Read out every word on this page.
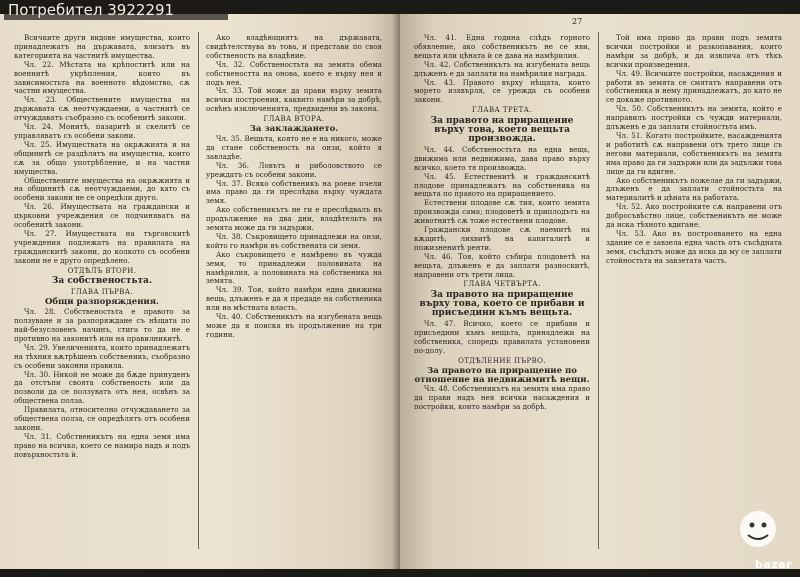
Всичките други видове имущества, които принадлежатъ на държавата, влизатъ въ категорията на частнитѣ имущества.
Чл. 22. Мѣстата на крѣпоститѣ или на военнитѣ укрѣпления, които въ зависимостьта на военното вѣдомство, сѫ частни имущества.
Чл. 23. Обществените имущества на държавата сѫ неотчуждаеми, а частнитѣ се отчуждаватъ съобразно съ особенитѣ закони.
Чл. 24. Монитѣ, пазаритѣ и скелитѣ се управляватъ съ особени закони.
Чл. 25. Имуществата на окрѫжията и на общинитѣ се раздѣлятъ на имущества, които сѫ за общо употрѣбление, и на частни имущества.
Обществените имущества на окрѫжията и на общинитѣ сѫ неотчуждаеми, до като съ особени закони не се опредѣли друго.
Чл. 26. Имуществата на граждански и църковни учреждения се подчиняватъ на особенитѣ закони.
Чл. 27. Имуществата на търговскитѣ учреждения подлежатъ на правилата на гражданскитѣ закони, до колкото съ особени закони не е друго опредѣлено.
ОТДѢЛЪ ВТОРИ.
За собственостьта.
ГЛАВА ПЪРВА.
Общи разпоряждения.
Чл. 28. Собственостьта е правото за ползуване и за разпоряждане съ нѣщата по най-безусловенъ начинъ, стига то да не е противно на законитѣ или на правилникитѣ.
Чл. 29. Увеличенията, които принадлежатъ на тѣхния вѫтрѣшенъ собственикъ, съобразно съ особени законни правила.
Чл. 30. Никой не може да бѫде принуденъ да отстъпи своята собственость или да позволи да се ползуватъ отъ нея, освѣнъ за обществена полза.
Правилата, относително отчуждаването за обществена полза, се опредѣлятъ отъ особени закони.
Чл. 31. Собственикътъ на една земя има право на всичко, което се намира надъ и подъ повърхностьта ѝ.
Ако владѣющиятъ на държавата, свидѣтелствува въ това, и представи по своя собственость на владѣние.
Чл. 32. Собственостьта на земята обема собствеността на онова, което е върху нея и подъ нея.
Чл. 33. Той може да прави върху земята всички построения, каквито намѣри за добрѣ, освѣнъ изключенията, предвидени въ закона.
ГЛАВА ВТОРА.
За заклаждането.
Чл. 35. Вещьта, която не е на никого, може да стане собственость на онзи, който я завладѣе.
Чл. 36. Ловътъ и риболовството се уреждатъ съ особени закони.
Чл. 37. Всяко собственикъ на роеве пчели има право да ги преслѣдва върху чуждата земя.
Ако собственикътъ не ги е преслѣдвалъ въ продължение на два дни, владѣтельтъ на земята може да ги задържи.
Чл. 38. Съкровището принадлежи на онзи, който го намѣри въ собствената си земя.
Ако съкровището е намѣрено въ чужда земя, то принадлежи половината на намѣрилия, а половината на собственика на земята.
Чл. 39. Тоя, който намѣри една движима вещь, длъженъ е да я предаде на собственика или на мѣстната власть.
Чл. 40. Собственикътъ на изгубената вещь може да я поиска въ продължение на три години.
27
Чл. 41. Една година слѣдъ горното обявление, ако собственикътъ не се яви, вещьта или цѣната ѝ се дава на намѣрилия.
Чл. 42. Собственикътъ на изгубената вещь длъженъ е да заплати на намѣрилия награда.
Чл. 43. Правото върху нѣщата, които морето изхвърля, се урежда съ особени закони.
ГЛАВА ТРЕТА.
За правото на приращение върху това, което вещьта произвожда.
Чл. 44. Собственостьта на една вещь, движима или недвижима, дава право върху всичко, което тя произвожда.
Чл. 45. Естественитѣ и гражданскитѣ плодове принадлежатъ на собственика на вещьта по правото на приращението.
Естествени плодове сѫ тия, които земята произвожда сама; плодоветѣ и приплодътъ на животнитѣ сѫ тоже естествени плодове.
Граждански плодове сѫ наемитѣ на кѫщитѣ, лихвитѣ на капиталитѣ и пожизненитѣ ренти.
Чл. 46. Тоя, който събира плодоветѣ на вещьта, длъженъ е да заплати разноскитѣ, направени отъ трети лица.
ГЛАВА ЧЕТВЪРТА.
За правото на приращение върху това, което се прибави и присъедини къмъ вещьта.
Чл. 47. Всичко, което се прибави и присъедини къмъ вещьта, принадлежи на собственика, споредъ правилата установени по-долу.
ОТДѢЛЕНИЕ ПЪРВО.
За правото на приращение по отношение на недвижимитѣ вещи.
Чл. 48. Собственикътъ на земята има право да прави надъ нея всички насаждения и постройки, които намѣри за добрѣ.
Той има право да прави подъ земята всички постройки и разкопавания, които намѣри за добрѣ, и да извлича отъ тѣхъ всички произведения.
Чл. 49. Всичките постройки, насаждения и работи въ земята се смятатъ направени отъ собственика и нему принадлежатъ, до като не се докаже противното.
Чл. 50. Собственикътъ на земята, който е направилъ постройки съ чужди материали, длъженъ е да заплати стойностьта имъ.
Чл. 51. Когато постройките, насажденията и работитѣ сѫ направени отъ трето лице съ негови материали, собственикътъ на земята има право да ги задържи или да задължи това лице да ги вдигне.
Ако собственикътъ пожелае да ги задържи, длъженъ е да заплати стойностьта на материалитѣ и цѣната на работата.
Чл. 52. Ако постройките сѫ направени отъ добросъвѣстно лице, собственикътъ не може да иска тѣхното вдигане.
Чл. 53. Ако въ построяването на една здание се е завзела една часть отъ съсѣдната земя, съсѣдътъ може да иска да му се заплати стойностьта на завзетата часть.
Потребител 3922291
bazar
